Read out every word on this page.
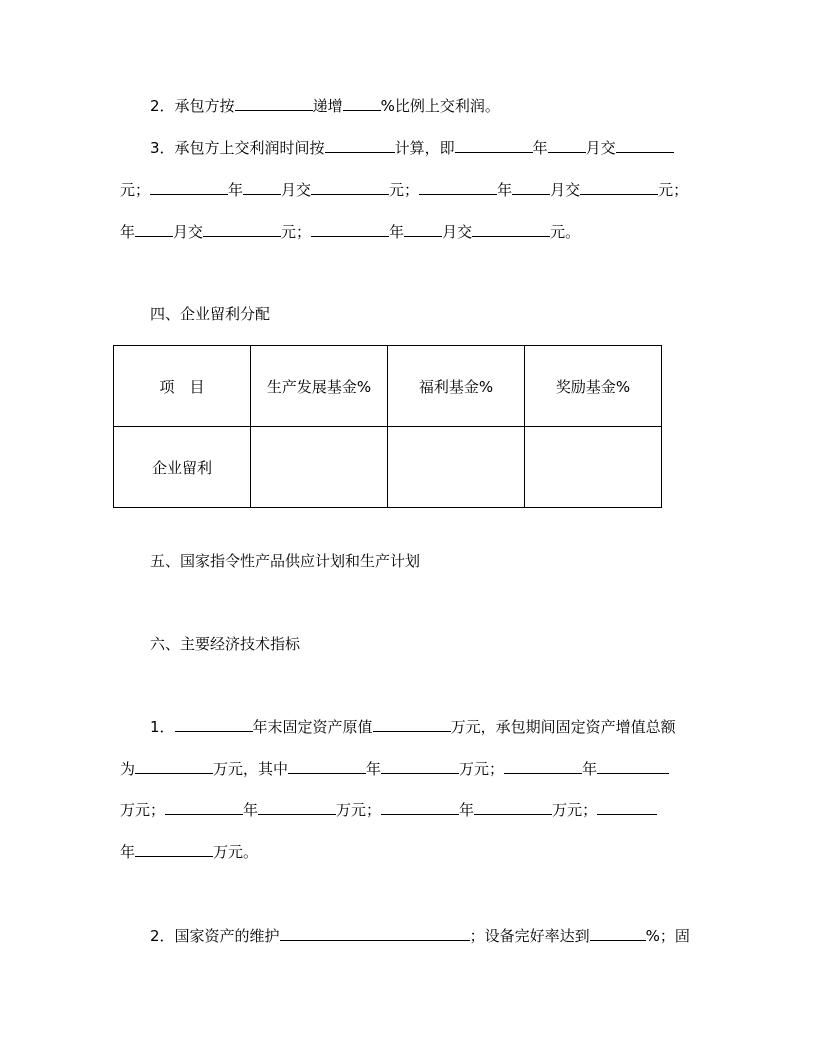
2．承包方按	递增	%比例上交利润。
3．承包方上交利润时间按	计算，即	年	月交
元；	年	月交	元；	年	月交	元；
年	月交	元；	年	月交	元。
四、企业留利分配
项　目	生产发展基金%	福利基金%	奖励基金%
企业留利			
五、国家指令性产品供应计划和生产计划
六、主要经济技术指标
1．	年末固定资产原值	万元，承包期间固定资产增值总额
为	万元，其中	年	万元；	年
万元；	年	万元；	年	万元；
年	万元。
2．国家资产的维护	；设备完好率达到	%；固
